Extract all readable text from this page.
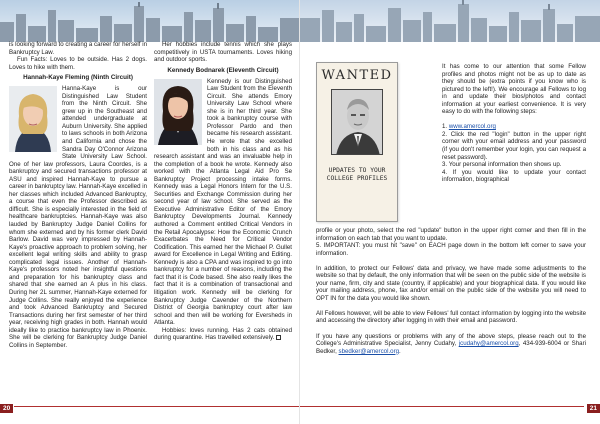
is looking forward to creating a career for herself in Bankruptcy Law.

Fun Facts: Loves to be outside. Has 2 dogs. Loves to hike with them.

Hannah-Kaye Fleming (Ninth Circuit)

Hanna-Kaye is our Distinguished Law Student from the Ninth Circuit. She grew up in the Southeast and attended undergraduate at Auburn University. She applied to laws schools in both Arizona and California and chose the Sandra Day O'Connor Arizona State University Law School. One of her law professors, Laura Coordes, is a bankruptcy and secured transactions professor at ASU and inspired Hannah-Kaye to pursue a career in bankruptcy law. Hannah-Kaye excelled in her classes which included Advanced Bankruptcy, a course that even the Professor described as difficult. She is especially interested in the field of healthcare bankruptcies. Hannah-Kaye was also lauded by Bankruptcy Judge Daniel Collins for whom she externed and by his former clerk David Barlow. David was very impressed by Hannah-Kaye's proactive approach to problem solving, her excellent legal writing skills and ability to grasp complicated legal issues. Another of Hannah-Kaye's professors noted her insightful questions and preparation for his bankruptcy class and shared that she earned an A plus in his class. During her 2L summer, Hannah-Kaye externed for Judge Collins. She really enjoyed the experience and took Advanced Bankruptcy and Secured Transactions during her first semester of her third year, receiving high grades in both. Hannah would ideally like to practice bankruptcy law in Phoenix. She will be clerking for Bankruptcy Judge Daniel Collins in September.

Her hobbies include tennis which she plays competitively in USTA tournaments. Loves hiking and outdoor sports.

Kennedy Bodnarek (Eleventh Circuit)

Kennedy is our Distinguished Law Student from the Eleventh Circuit. She attends Emory University Law School where she is in her third year. She took a bankruptcy course with Professor Pardo and then became his research assistant. He wrote that she excelled both in his class and as his research assistant and was an invaluable help in the completion of a book he wrote. Kennedy also worked with the Atlanta Legal Aid Pro Se Bankruptcy Project processing intake forms. Kennedy was a Legal Honors Intern for the U.S. Securities and Exchange Commission during her second year of law school. She served as the Executive Administrative Editor of the Emory Bankruptcy Developments Journal. Kennedy authored a Comment entitled Critical Vendors in the Retail Apocalypse: How the Economic Crunch Exacerbates the Need for Critical Vendor Codification. This earned her the Michael P. Gullet award for Excellence in Legal Writing and Editing. Kennedy is also a CPA and was inspired to go into bankruptcy for a number of reasons, including the fact that it is Code based. She also really likes the fact that it is a combination of transactional and litigation work. Kennedy will be clerking for Bankruptcy Judge Cavender of the Northern District of Georgia bankruptcy court after law school and then will be working for Eversheds in Atlanta.

Hobbies: loves running. Has 2 cats obtained during quarantine. Has travelled extensively.

20
WANTED
UPDATES TO YOUR COLLEGE PROFILES

It has come to our attention that some Fellow profiles and photos might not be as up to date as they should be (extra points if you know who is pictured to the left!). We encourage all Fellows to log in and update their bios/photos and contact information at your earliest convenience. It is very easy to do with the following steps:

1. www.amercol.org

2. Click the red "login" button in the upper right corner with your email address and your password (if you don't remember your login, you can request a reset password).

3. Your personal information then shows up.

4. If you would like to update your contact information, biographical

profile or your photo, select the red "update" button in the upper right corner and then fill in the information on each tab that you want to update.

5. IMPORTANT: you must hit "save" on EACH page down in the bottom left corner to save your information.

In addition, to protect our Fellows' data and privacy, we have made some adjustments to the website so that by default, the only information that will be seen on the public side of the website is your name, firm, city and state (country, if applicable) and your biographical data. If you would like your mailing address, phone, fax and/or email on the public side of the website you will need to OPT IN for the data you would like shown.

All Fellows however, will be able to view Fellows' full contact information by logging into the website and accessing the directory after logging in with their email and password.

If you have any questions or problems with any of the above steps, please reach out to the College's Administrative Specialist, Jenny Cudahy, jcudahy@amercol.org, 434-939-6004 or Shari Bedker, sbedker@amercol.org.

21
